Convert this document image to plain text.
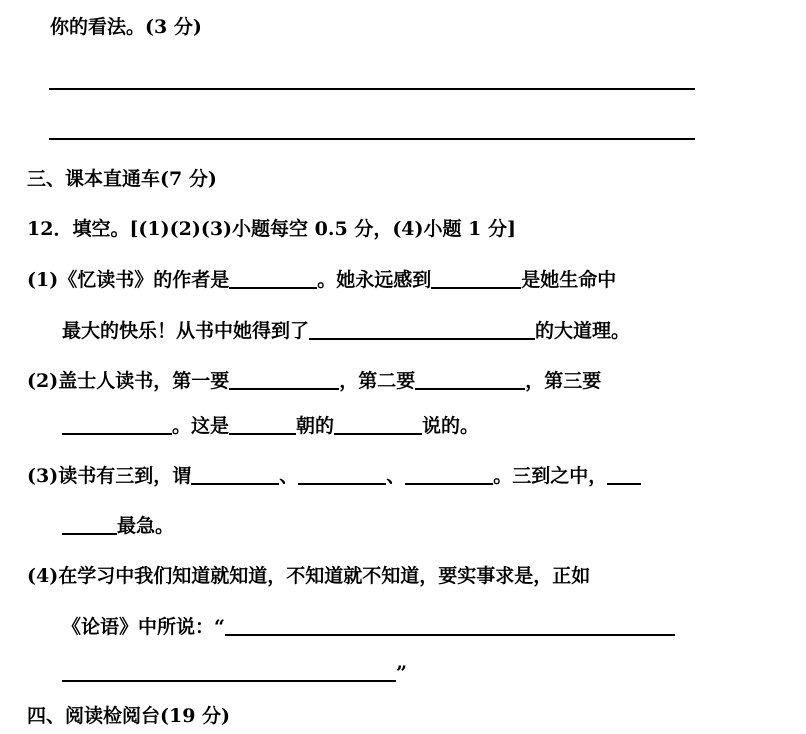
你的看法。(3 分)
三、课本直通车(7 分)
12．填空。[(1)(2)(3)小题每空 0.5 分，(4)小题 1 分]
(1)《忆读书》的作者是	。她永远感到	是她生命中
最大的快乐！从书中她得到了	的大道理。
(2)盖士人读书，第一要	，第二要	，第三要
。这是	朝的	说的。
(3)读书有三到，谓	、	、	。三到之中，
最急。
(4)在学习中我们知道就知道，不知道就不知道，要实事求是，正如
《论语》中所说：“
”
四、阅读检阅台(19 分)
